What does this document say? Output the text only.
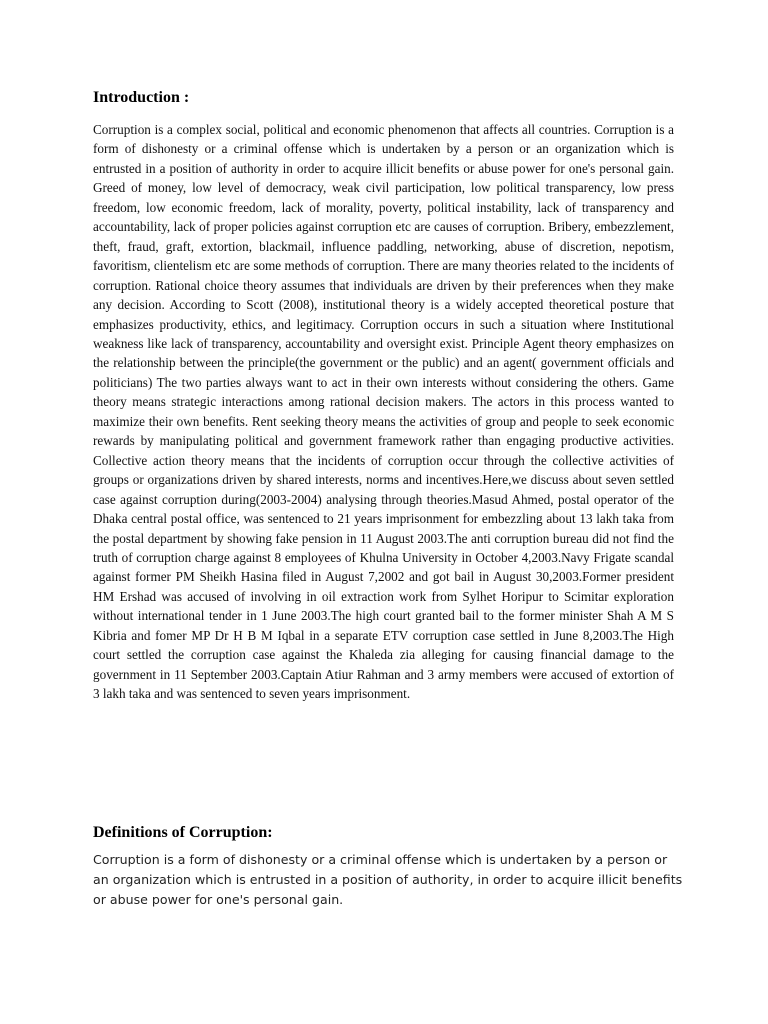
Introduction :

Corruption is a complex social, political and economic phenomenon that affects all countries. Corruption is a form of dishonesty or a criminal offense which is undertaken by a person or an organization which is entrusted in a position of authority in order to acquire illicit benefits or abuse power for one's personal gain. Greed of money, low level of democracy, weak civil participation, low political transparency, low press freedom, low economic freedom, lack of morality, poverty, political instability, lack of transparency and accountability, lack of proper policies against corruption etc are causes of corruption. Bribery, embezzlement, theft, fraud, graft, extortion, blackmail, influence paddling, networking, abuse of discretion, nepotism, favoritism, clientelism etc are some methods of corruption. There are many theories related to the incidents of corruption. Rational choice theory assumes that individuals are driven by their preferences when they make any decision. According to Scott (2008), institutional theory is a widely accepted theoretical posture that emphasizes productivity, ethics, and legitimacy. Corruption occurs in such a situation where Institutional weakness like lack of transparency, accountability and oversight exist. Principle Agent theory emphasizes on the relationship between the principle(the government or the public) and an agent( government officials and politicians) The two parties always want to act in their own interests without considering the others. Game theory means strategic interactions among rational decision makers. The actors in this process wanted to maximize their own benefits. Rent seeking theory means the activities of group and people to seek economic rewards by manipulating political and government framework rather than engaging productive activities. Collective action theory means that the incidents of corruption occur through the collective activities of groups or organizations driven by shared interests, norms and incentives.Here,we discuss about seven settled case against corruption during(2003-2004) analysing through theories.Masud Ahmed, postal operator of the Dhaka central postal office, was sentenced to 21 years imprisonment for embezzling about 13 lakh taka from the postal department by showing fake pension in 11 August 2003.The anti corruption bureau did not find the truth of corruption charge against 8 employees of Khulna University in October 4,2003.Navy Frigate scandal against former PM Sheikh Hasina filed in August 7,2002 and got bail in August 30,2003.Former president HM Ershad was accused of involving in oil extraction work from Sylhet Horipur to Scimitar exploration without international tender in 1 June 2003.The high court granted bail to the former minister Shah A M S Kibria and fomer MP Dr H B M Iqbal in a separate ETV corruption case settled in June 8,2003.The High court settled the corruption case against the Khaleda zia alleging for causing financial damage to the government in 11 September 2003.Captain Atiur Rahman and 3 army members were accused of extortion of 3 lakh taka and was sentenced to seven years imprisonment.

Definitions of Corruption:

Corruption is a form of dishonesty or a criminal offense which is undertaken by a person or an organization which is entrusted in a position of authority, in order to acquire illicit benefits or abuse power for one's personal gain.
